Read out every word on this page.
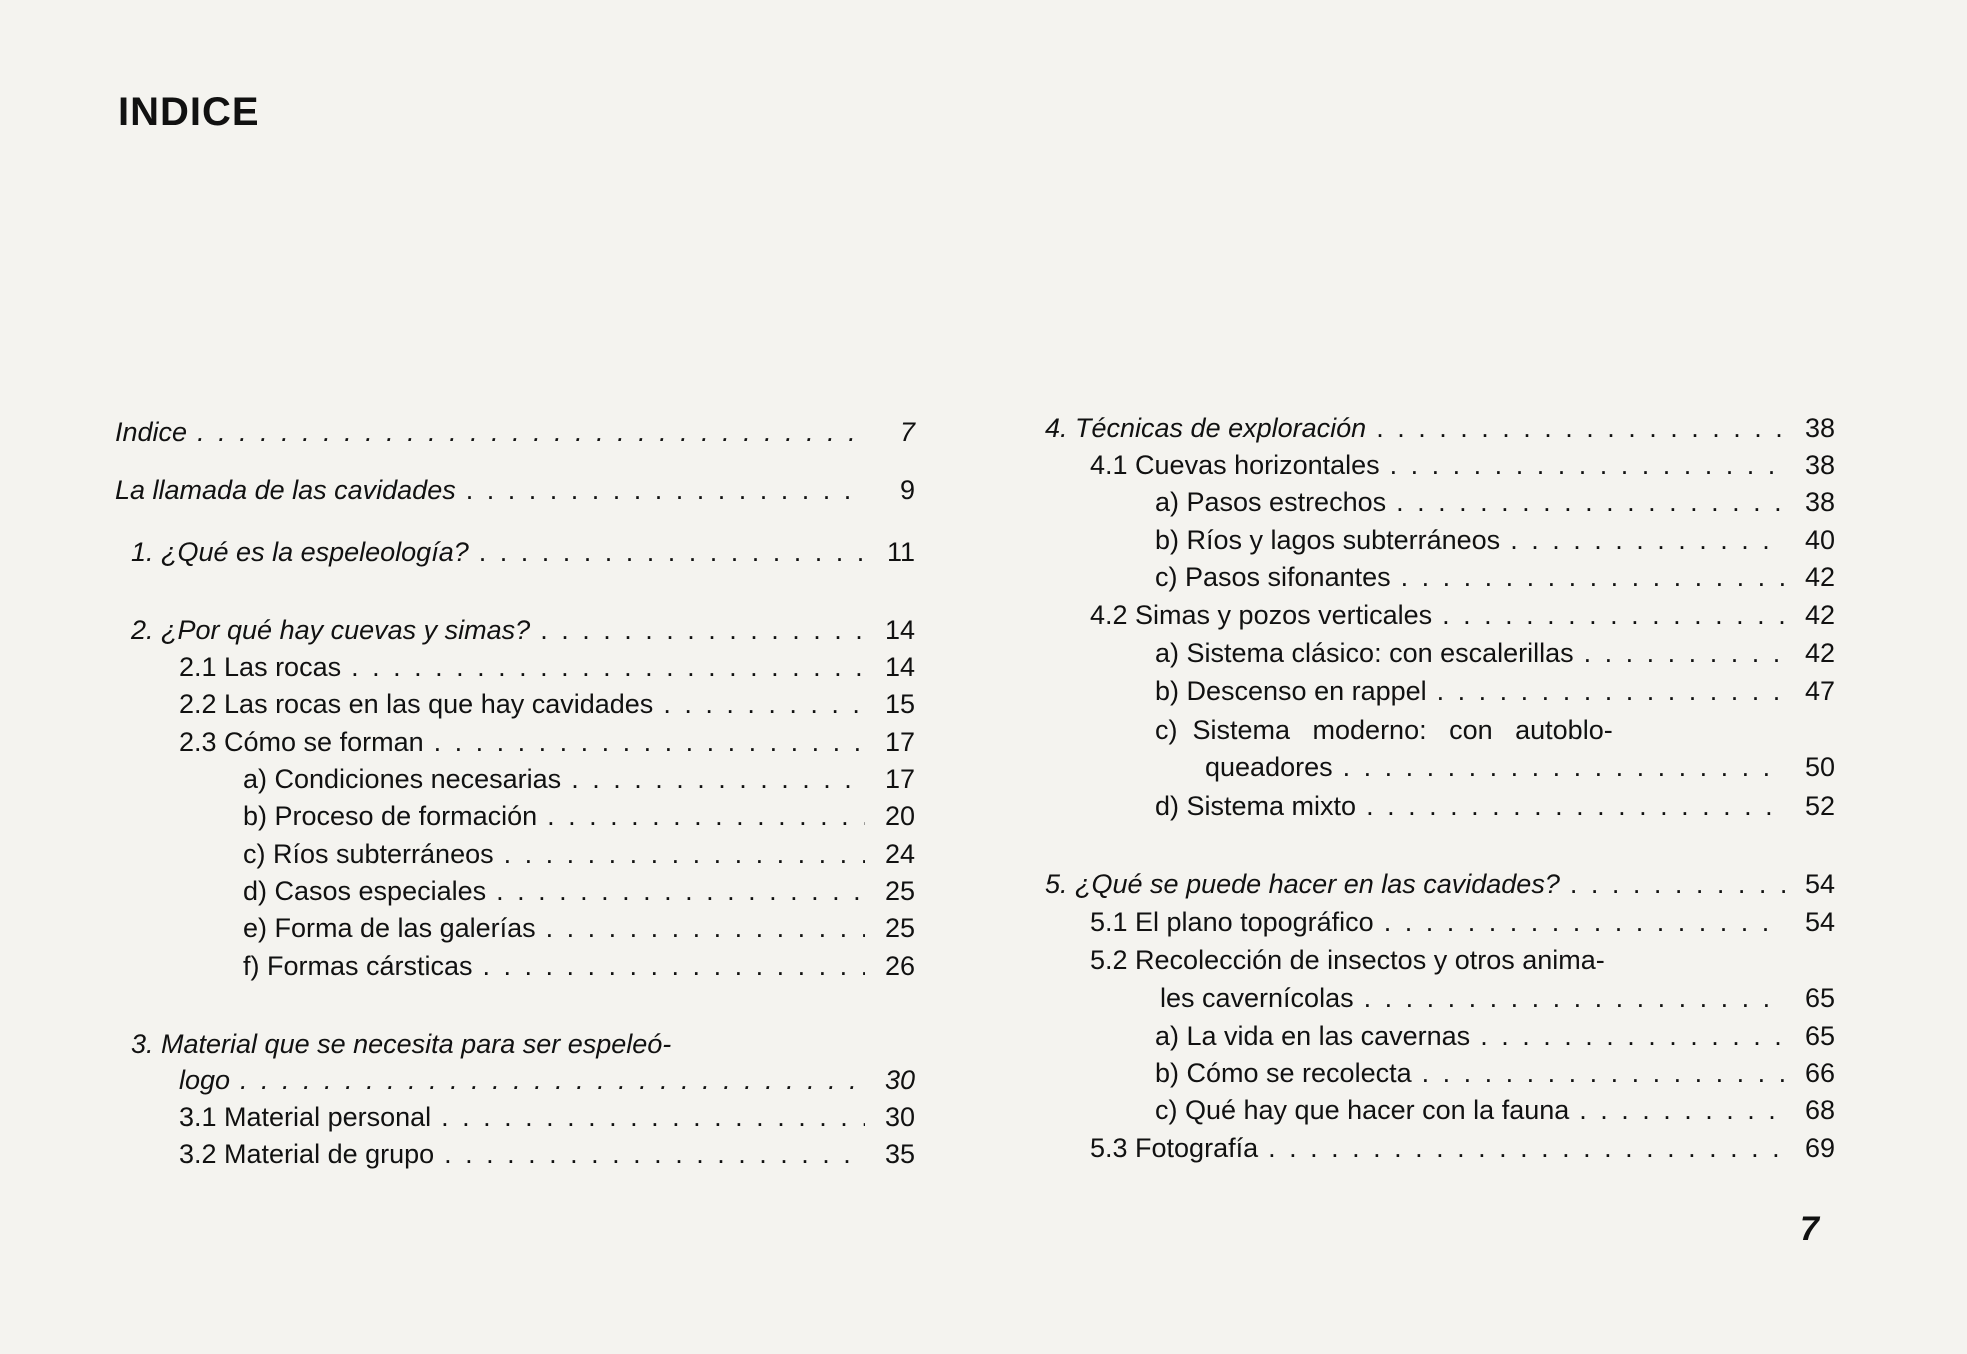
INDICE
Indice . . .	7
La llamada de las cavidades . . .	9
1. ¿Qué es la espeleología? . . .	11
2. ¿Por qué hay cuevas y simas? . . .	14
2.1 Las rocas . . .	14
2.2 Las rocas en las que hay cavidades . . .	15
2.3 Cómo se forman . . .	17
a) Condiciones necesarias . . .	17
b) Proceso de formación . . .	20
c) Ríos subterráneos . . .	24
d) Casos especiales . . .	25
e) Forma de las galerías . . .	25
f) Formas cársticas . . .	26
3. Material que se necesita para ser espeleó-
logo . . .	30
3.1 Material personal . . .	30
3.2 Material de grupo . . .	35
4. Técnicas de exploración . . .	38
4.1 Cuevas horizontales . . .	38
a) Pasos estrechos . . .	38
b) Ríos y lagos subterráneos . . .	40
c) Pasos sifonantes . . .	42
4.2 Simas y pozos verticales . . .	42
a) Sistema clásico: con escalerillas . . .	42
b) Descenso en rappel . . .	47
c)  Sistema   moderno:   con   autoblo-
queadores . . .	50
d) Sistema mixto . . .	52
5. ¿Qué se puede hacer en las cavidades? . . .	54
5.1 El plano topográfico . . .	54
5.2 Recolección de insectos y otros anima-
les cavernícolas . . .	65
a) La vida en las cavernas . . .	65
b) Cómo se recolecta . . .	66
c) Qué hay que hacer con la fauna . . .	68
5.3 Fotografía . . .	69
7
